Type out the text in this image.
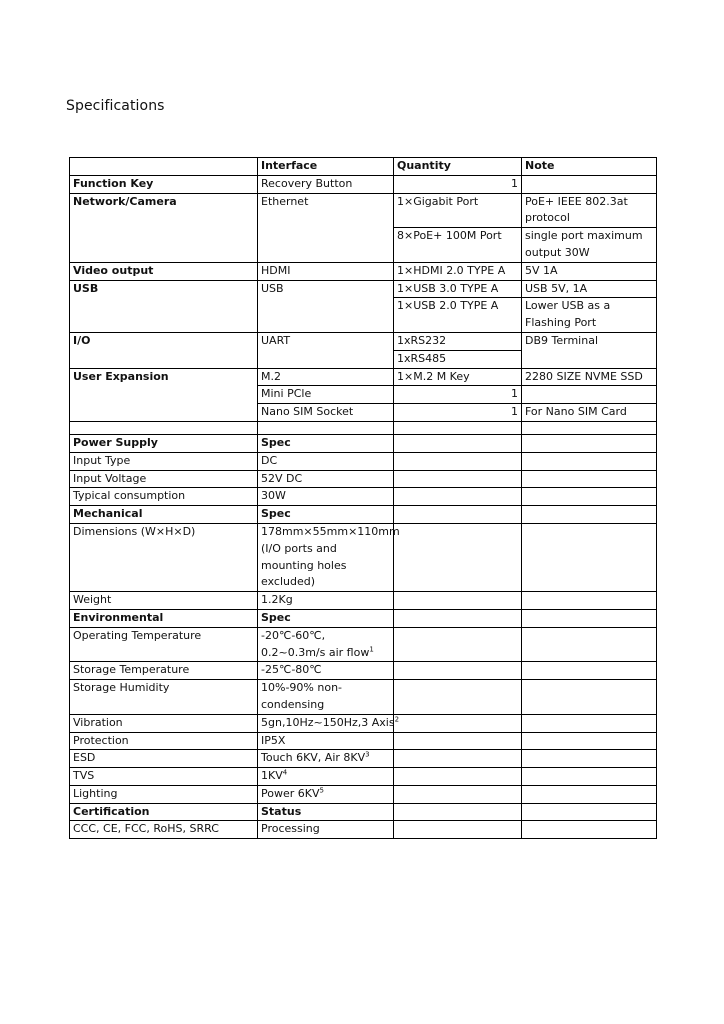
Specifications
	Interface	Quantity	Note
Function Key	Recovery Button	1	
Network/Camera	Ethernet	1×Gigabit Port	PoE+ IEEE 802.3at protocol
		8×PoE+ 100M Port	single port maximum output 30W
Video output	HDMI	1×HDMI 2.0 TYPE A	5V 1A
USB	USB	1×USB 3.0 TYPE A	USB 5V, 1A
		1×USB 2.0 TYPE A	Lower USB as a Flashing Port
I/O	UART	1xRS232	DB9 Terminal
		1xRS485	
User Expansion	M.2	1×M.2 M Key	2280 SIZE NVME SSD
	Mini PCle	1	
	Nano SIM Socket	1	For Nano SIM Card

Power Supply	Spec		
Input Type	DC		
Input Voltage	52V DC		
Typical consumption	30W		
Mechanical	Spec		
Dimensions (W×H×D)	178mm×55mm×110mm (I/O ports and mounting holes excluded)		
Weight	1.2Kg		
Environmental	Spec		
Operating Temperature	-20℃-60℃, 0.2~0.3m/s air flow$^1$		
Storage Temperature	-25℃-80℃		
Storage Humidity	10%-90% non-condensing		
Vibration	5gn,10Hz~150Hz,3 Axis$^2$		
Protection	IP5X		
ESD	Touch 6KV, Air $8KV^3$		
TVS	$1KV^4$		
Lighting	Power $6KV^5$		
Certification	Status		
CCC, CE, FCC, RoHS, SRRC	Processing		
